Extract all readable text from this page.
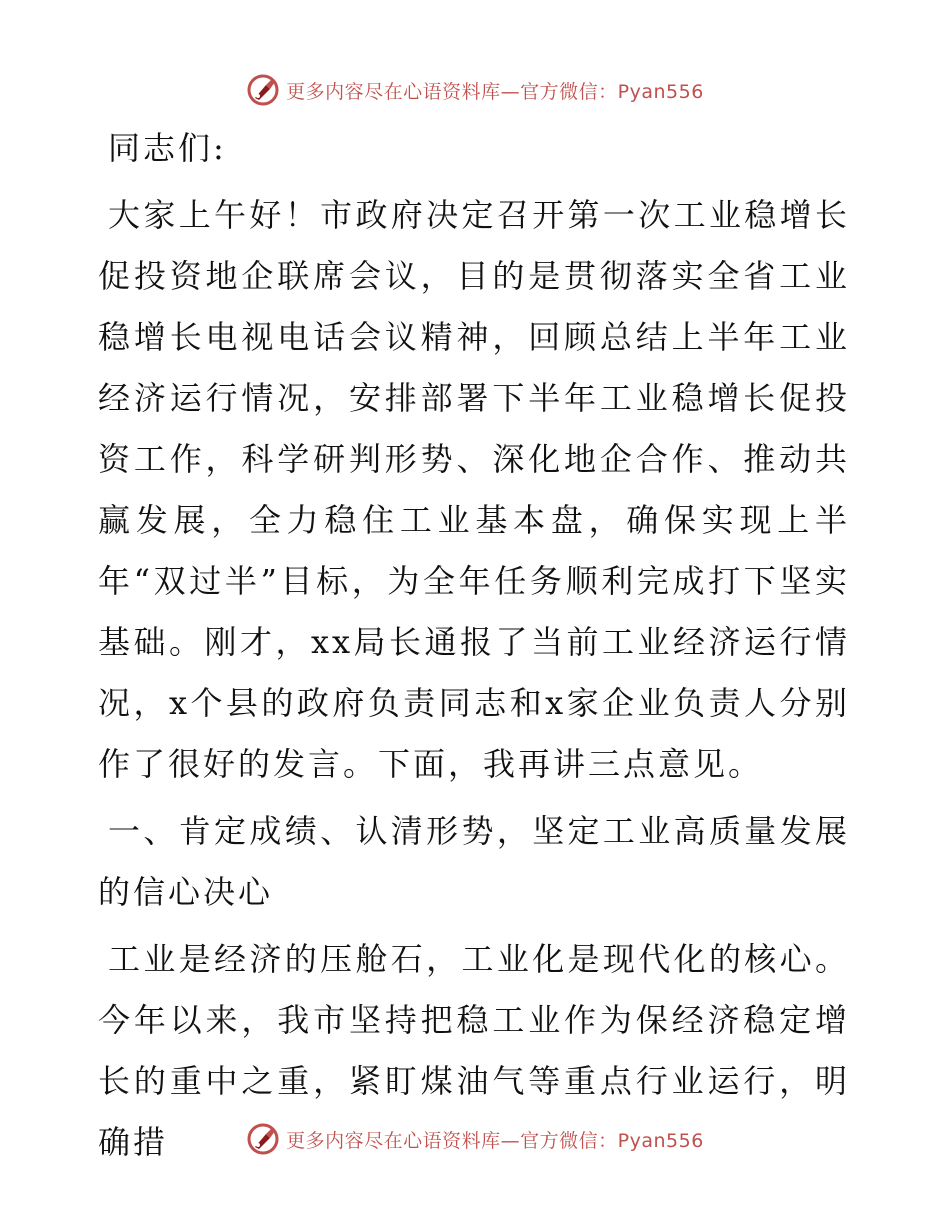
更多内容尽在心语资料库—官方微信：Pyan556

同志们:

大家上午好！市政府决定召开第一次工业稳增长促投资地企联席会议，目的是贯彻落实全省工业稳增长电视电话会议精神，回顾总结上半年工业经济运行情况，安排部署下半年工业稳增长促投资工作，科学研判形势、深化地企合作、推动共赢发展，全力稳住工业基本盘，确保实现上半年“双过半”目标，为全年任务顺利完成打下坚实基础。刚才，xx局长通报了当前工业经济运行情况，x个县的政府负责同志和x家企业负责人分别作了很好的发言。下面，我再讲三点意见。

一、肯定成绩、认清形势，坚定工业高质量发展的信心决心

工业是经济的压舱石，工业化是现代化的核心。今年以来，我市坚持把稳工业作为保经济稳定增长的重中之重，紧盯煤油气等重点行业运行，明确措	更多内容尽在心语资料库—官方微信：Pyan556
